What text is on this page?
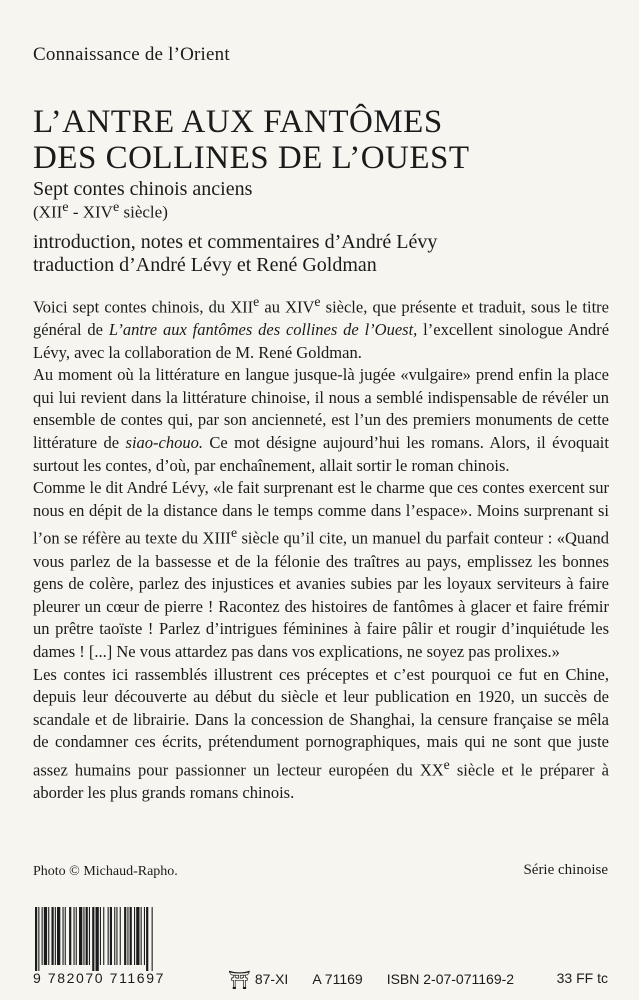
Connaissance de l’Orient
L’ANTRE AUX FANTÔMES
DES COLLINES DE L’OUEST
Sept contes chinois anciens
(XIIe - XIVe siècle)
introduction, notes et commentaires d’André Lévy
traduction d’André Lévy et René Goldman

Voici sept contes chinois, du XIIe au XIVe siècle, que présente et traduit, sous le titre général de L’antre aux fantômes des collines de l’Ouest, l’excellent sinologue André Lévy, avec la collaboration de M. René Goldman.

Au moment où la littérature en langue jusque-là jugée «vulgaire» prend enfin la place qui lui revient dans la littérature chinoise, il nous a semblé indispensable de révéler un ensemble de contes qui, par son ancienneté, est l’un des premiers monuments de cette littérature de siao-chouo. Ce mot désigne aujourd’hui les romans. Alors, il évoquait surtout les contes, d’où, par enchaînement, allait sortir le roman chinois.

Comme le dit André Lévy, «le fait surprenant est le charme que ces contes exercent sur nous en dépit de la distance dans le temps comme dans l’espace». Moins surprenant si l’on se réfère au texte du XIIIe siècle qu’il cite, un manuel du parfait conteur : «Quand vous parlez de la bassesse et de la félonie des traîtres au pays, emplissez les bonnes gens de colère, parlez des injustices et avanies subies par les loyaux serviteurs à faire pleurer un cœur de pierre ! Racontez des histoires de fantômes à glacer et faire frémir un prêtre taoïste ! Parlez d’intrigues féminines à faire pâlir et rougir d’inquiétude les dames ! [...] Ne vous attardez pas dans vos explications, ne soyez pas prolixes.»

Les contes ici rassemblés illustrent ces préceptes et c’est pourquoi ce fut en Chine, depuis leur découverte au début du siècle et leur publication en 1920, un succès de scandale et de librairie. Dans la concession de Shanghai, la censure française se mêla de condamner ces écrits, prétendument pornographiques, mais qui ne sont que juste assez humains pour passionner un lecteur européen du XXe siècle et le préparer à aborder les plus grands romans chinois.

Photo © Michaud-Rapho.	Série chinoise
9 782070 711697	⛩ 87-XI A 71169 ISBN 2-07-071169-2	33 FF tc
